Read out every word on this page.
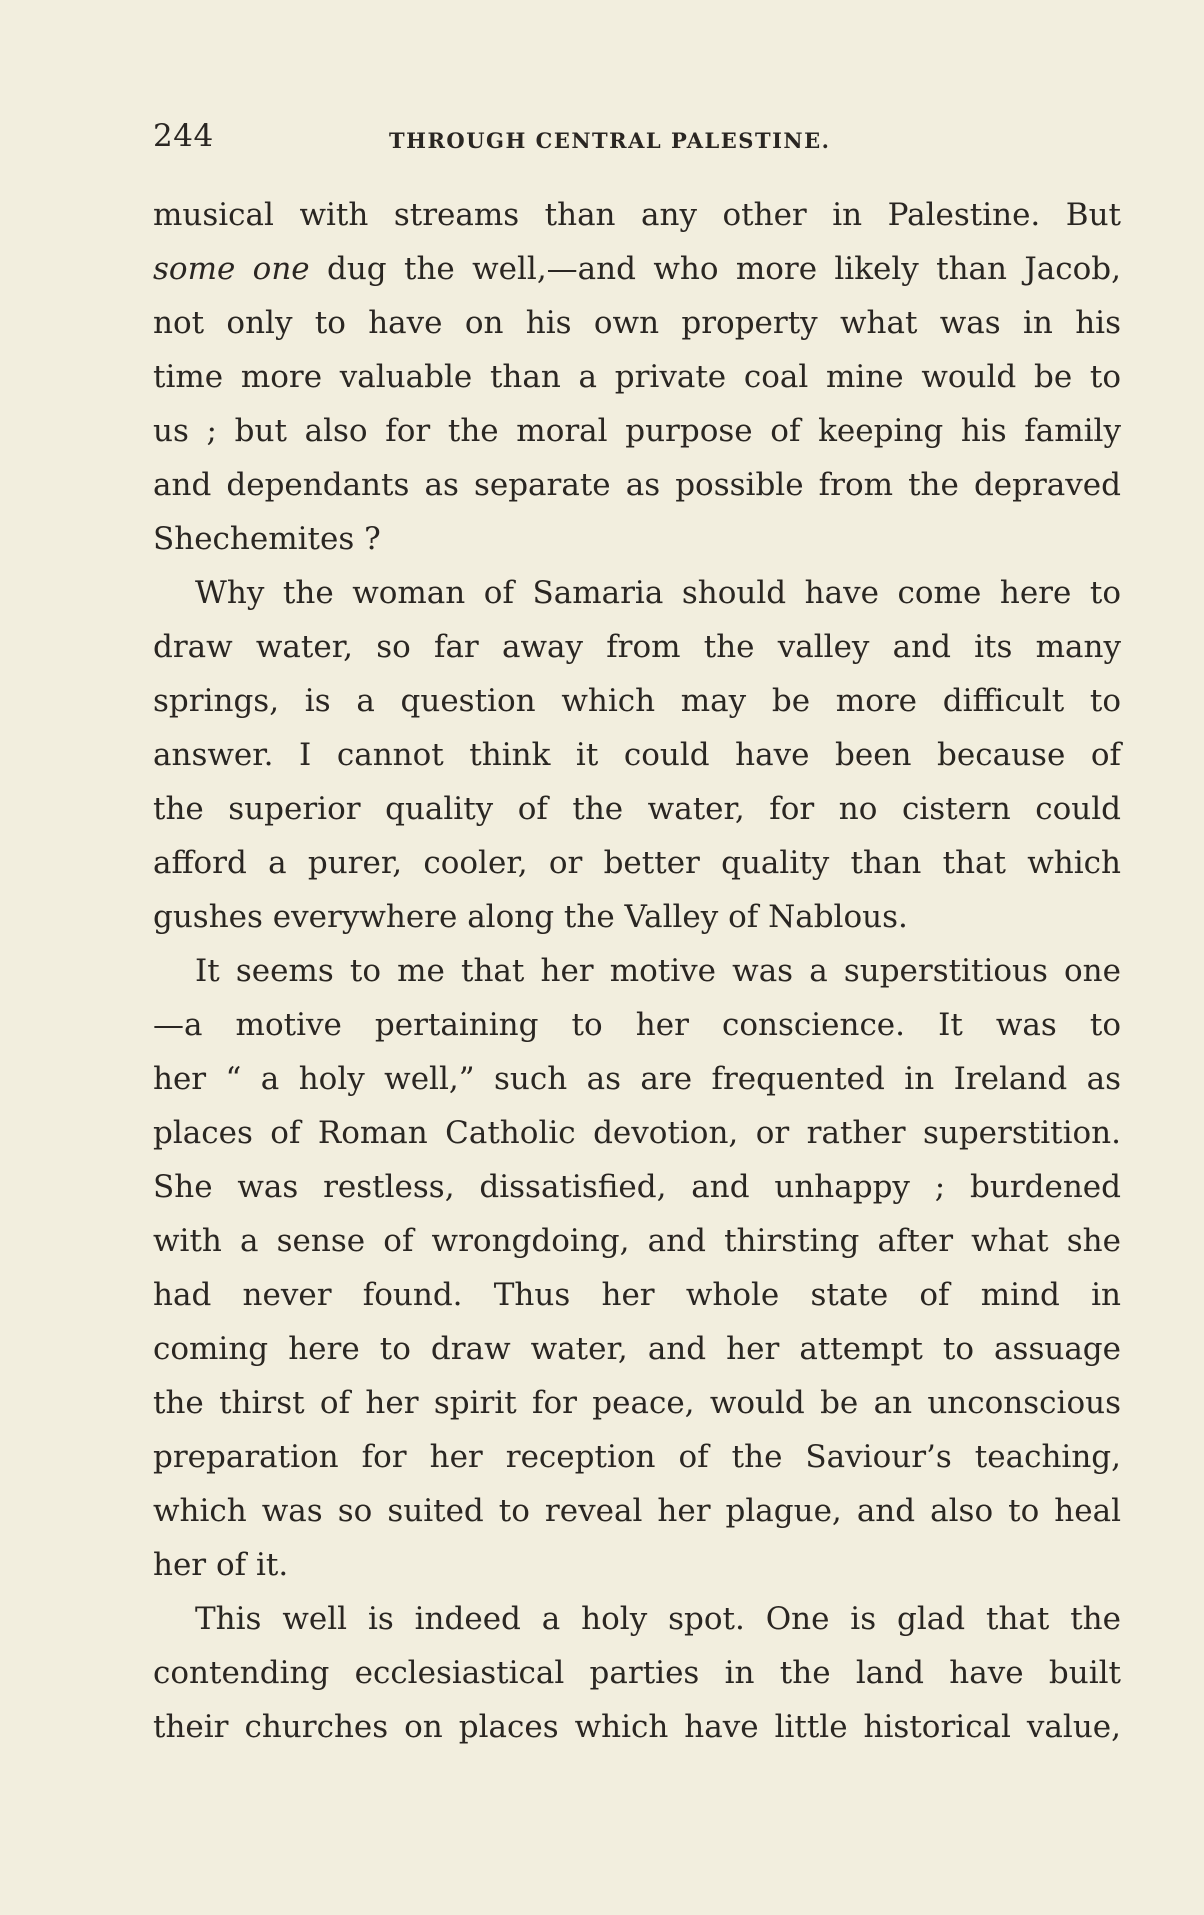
244	THROUGH CENTRAL PALESTINE.
musical with streams than any other in Palestine. But
some one dug the well,—and who more likely than Jacob,
not only to have on his own property what was in his
time more valuable than a private coal mine would be to
us ; but also for the moral purpose of keeping his family
and dependants as separate as possible from the depraved
Shechemites ?
Why the woman of Samaria should have come here to
draw water, so far away from the valley and its many
springs, is a question which may be more difficult to
answer. I cannot think it could have been because of
the superior quality of the water, for no cistern could
afford a purer, cooler, or better quality than that which
gushes everywhere along the Valley of Nablous.
It seems to me that her motive was a superstitious one
—a motive pertaining to her conscience. It was to
her “ a holy well,” such as are frequented in Ireland as
places of Roman Catholic devotion, or rather superstition.
She was restless, dissatisfied, and unhappy ; burdened
with a sense of wrongdoing, and thirsting after what she
had never found. Thus her whole state of mind in
coming here to draw water, and her attempt to assuage
the thirst of her spirit for peace, would be an unconscious
preparation for her reception of the Saviour’s teaching,
which was so suited to reveal her plague, and also to heal
her of it.
This well is indeed a holy spot. One is glad that the
contending ecclesiastical parties in the land have built
their churches on places which have little historical value,
